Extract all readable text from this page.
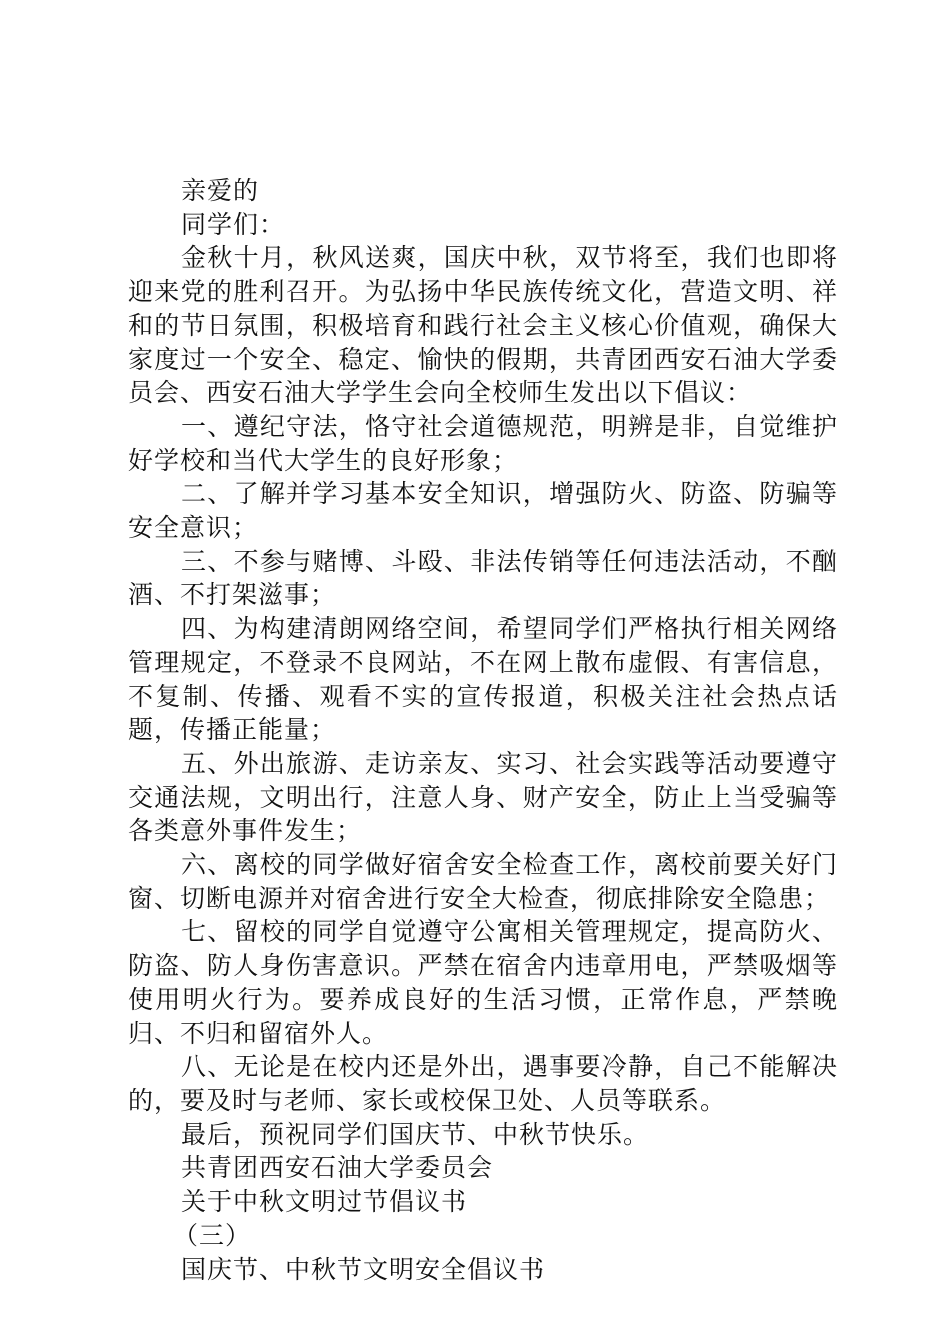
亲爱的

同学们：

金秋十月，秋风送爽，国庆中秋，双节将至，我们也即将迎来党的胜利召开。为弘扬中华民族传统文化，营造文明、祥和的节日氛围，积极培育和践行社会主义核心价值观，确保大家度过一个安全、稳定、愉快的假期，共青团西安石油大学委员会、西安石油大学学生会向全校师生发出以下倡议：

一、遵纪守法，恪守社会道德规范，明辨是非，自觉维护好学校和当代大学生的良好形象；

二、了解并学习基本安全知识，增强防火、防盗、防骗等安全意识；

三、不参与赌博、斗殴、非法传销等任何违法活动，不酗酒、不打架滋事；

四、为构建清朗网络空间，希望同学们严格执行相关网络管理规定，不登录不良网站，不在网上散布虚假、有害信息，不复制、传播、观看不实的宣传报道，积极关注社会热点话题，传播正能量；

五、外出旅游、走访亲友、实习、社会实践等活动要遵守交通法规，文明出行，注意人身、财产安全，防止上当受骗等各类意外事件发生；

六、离校的同学做好宿舍安全检查工作，离校前要关好门窗、切断电源并对宿舍进行安全大检查，彻底排除安全隐患；

七、留校的同学自觉遵守公寓相关管理规定，提高防火、防盗、防人身伤害意识。严禁在宿舍内违章用电，严禁吸烟等使用明火行为。要养成良好的生活习惯，正常作息，严禁晚归、不归和留宿外人。

八、无论是在校内还是外出，遇事要冷静，自己不能解决的，要及时与老师、家长或校保卫处、人员等联系。

最后，预祝同学们国庆节、中秋节快乐。

共青团西安石油大学委员会

关于中秋文明过节倡议书

（三）

国庆节、中秋节文明安全倡议书
